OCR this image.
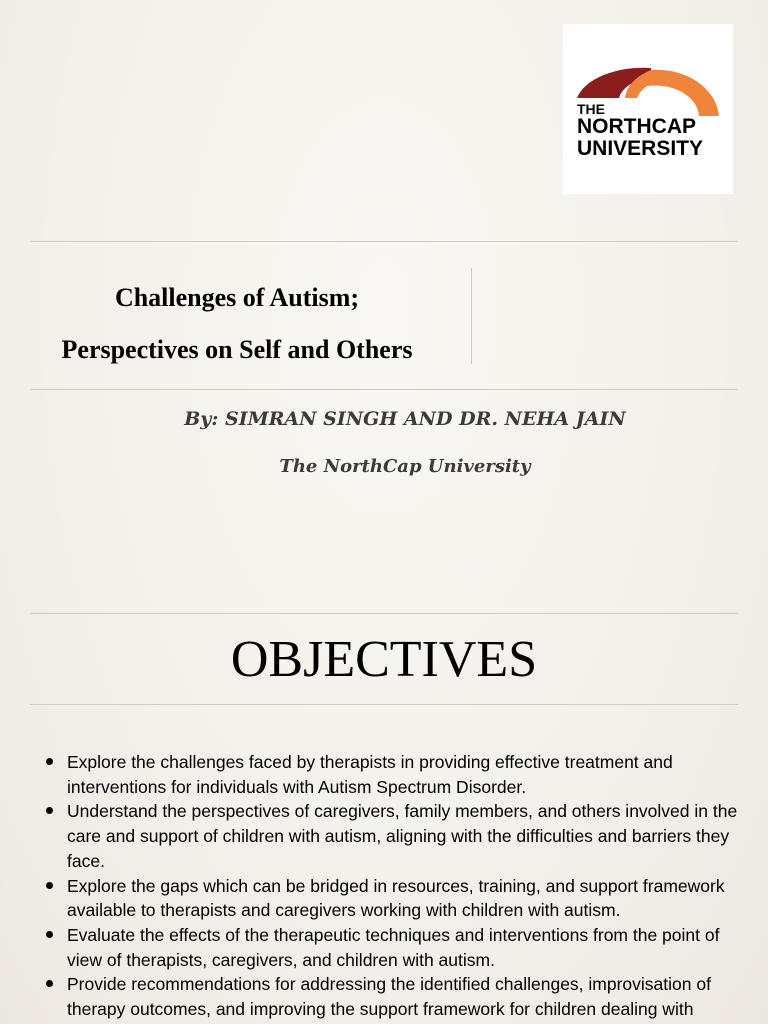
THE
NORTHCAP
UNIVERSITY
Challenges of Autism;
Perspectives on Self and Others
By: SIMRAN SINGH AND DR. NEHA JAIN
The NorthCap University
OBJECTIVES
Explore the challenges faced by therapists in providing effective treatment and interventions for individuals with Autism Spectrum Disorder.
Understand the perspectives of caregivers, family members, and others involved in the care and support of children with autism, aligning with the difficulties and barriers they face.
Explore the gaps which can be bridged in resources, training, and support framework available to therapists and caregivers working with children with autism.
Evaluate the effects of the therapeutic techniques and interventions from the point of view of therapists, caregivers, and children with autism.
Provide recommendations for addressing the identified challenges, improvisation of therapy outcomes, and improving the support framework for children dealing with
